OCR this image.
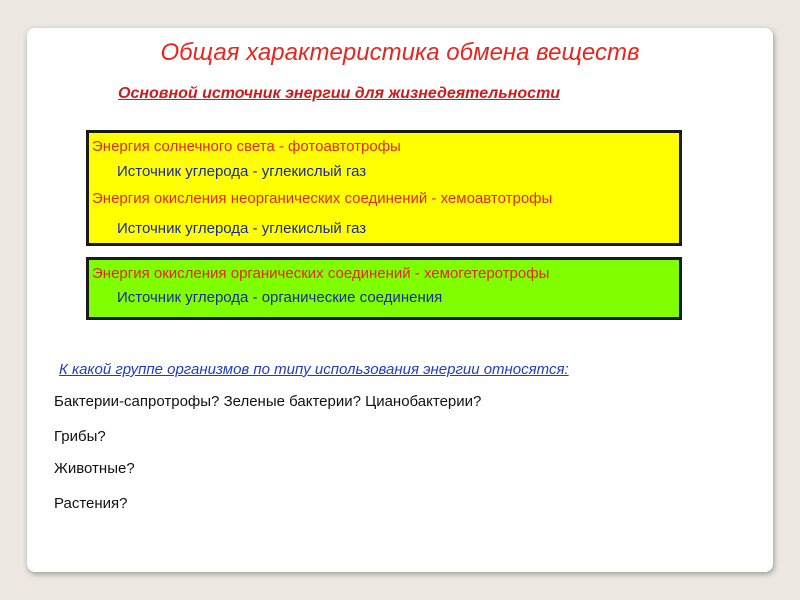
Общая характеристика обмена веществ
Основной источник энергии для жизнедеятельности
Энергия солнечного света - фотоавтотрофы
Источник углерода - углекислый газ
Энергия окисления неорганических соединений - хемоавтотрофы
Источник углерода - углекислый газ
Энергия окисления органических соединений - хемогетеротрофы
Источник углерода - органические соединения

К какой группе организмов по типу использования энергии относятся:

Бактерии-сапротрофы? Зеленые бактерии? Цианобактерии?

Грибы?

Животные?

Растения?
